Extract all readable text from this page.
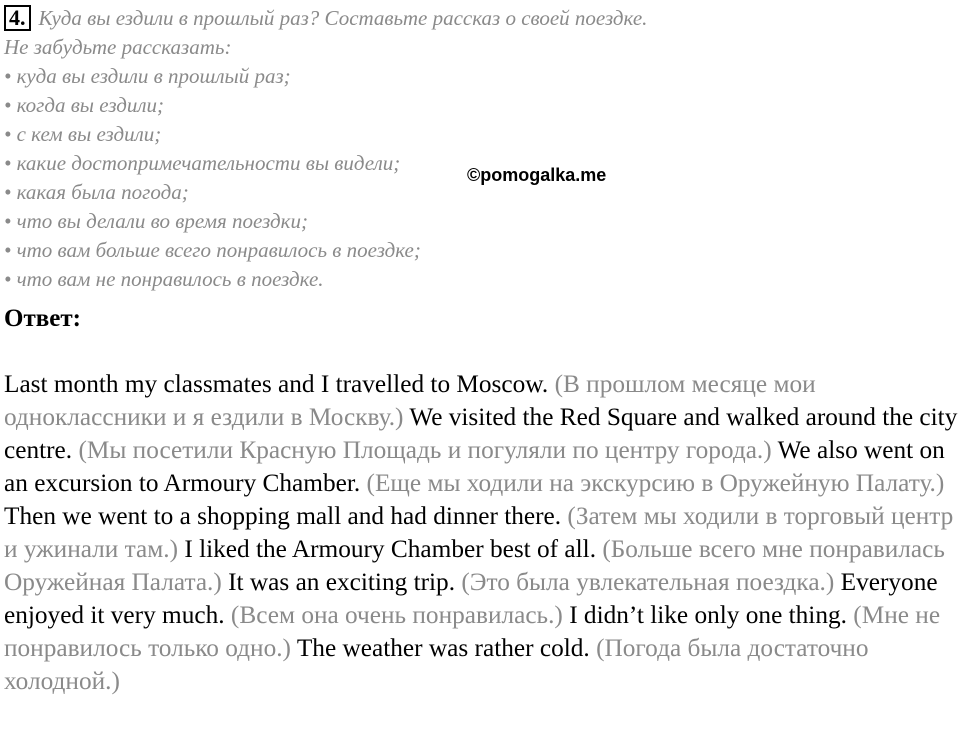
4. Куда вы ездили в прошлый раз? Составьте рассказ о своей поездке.
Не забудьте рассказать:
• куда вы ездили в прошлый раз;
• когда вы ездили;
• с кем вы ездили;
• какие достопримечательности вы видели;
• какая была погода;
• что вы делали во время поездки;
• что вам больше всего понравилось в поездке;
• что вам не понравилось в поездке.
©pomogalka.me
Ответ:
Last month my classmates and I travelled to Moscow. (В прошлом месяце мои одноклассники и я ездили в Москву.) We visited the Red Square and walked around the city centre. (Мы посетили Красную Площадь и погуляли по центру города.) We also went on an excursion to Armoury Chamber. (Еще мы ходили на экскурсию в Оружейную Палату.) Then we went to a shopping mall and had dinner there. (Затем мы ходили в торговый центр и ужинали там.) I liked the Armoury Chamber best of all. (Больше всего мне понравилась Оружейная Палата.) It was an exciting trip. (Это была увлекательная поездка.) Everyone enjoyed it very much. (Всем она очень понравилась.) I didn’t like only one thing. (Мне не понравилось только одно.) The weather was rather cold. (Погода была достаточно холодной.)
